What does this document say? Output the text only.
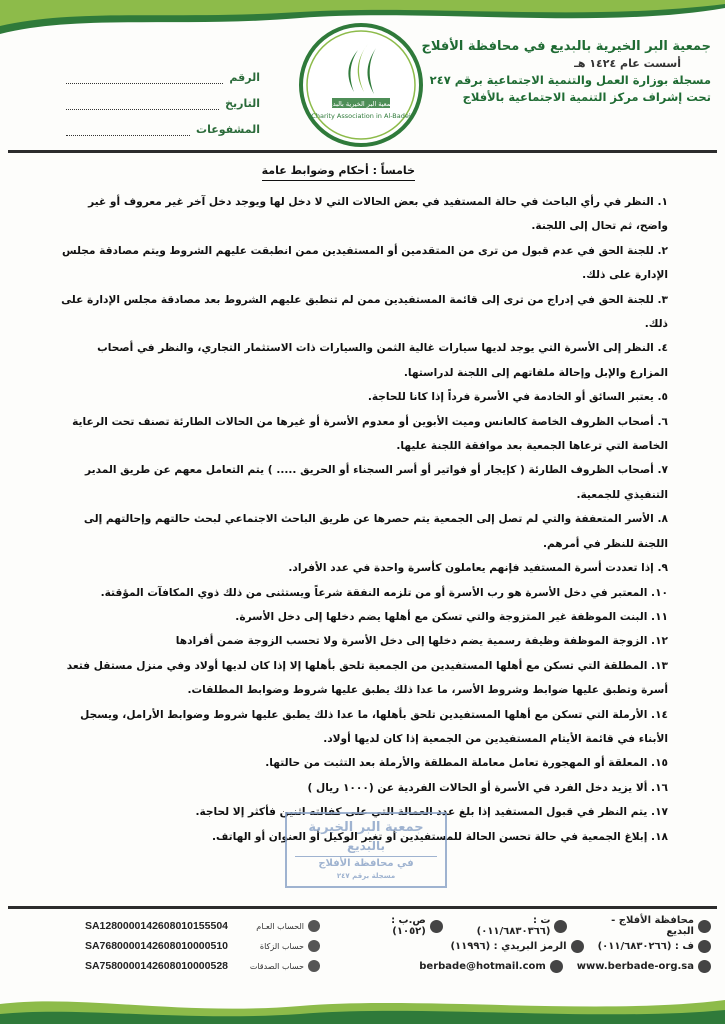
جمعية البر الخيرية بالبديع في محافظة الأفلاج
أسست عام ١٤٢٤ هـ
مسجلة بوزارة العمل والتنمية الاجتماعية برقم ٢٤٧
تحت إشراف مركز التنمية الاجتماعية بالأفلاج
جمعية البر الخيرية بالبديع
Charity Association in Al-Badei
الرقم
التاريخ
المشفوعات
خامساً : أحكام وضوابط عامة

١. النظر في رأي الباحث في حالة المستفيد في بعض الحالات التي لا دخل لها ويوجد دخل آخر غير معروف أو غير واضح، ثم تحال إلى اللجنة.

٢. للجنة الحق في عدم قبول من ترى من المتقدمين أو المستفيدين ممن انطبقت عليهم الشروط ويتم مصادقة مجلس الإدارة على ذلك.

٣. للجنة الحق في إدراج من ترى إلى قائمة المستفيدين ممن لم تنطبق عليهم الشروط بعد مصادقة مجلس الإدارة على ذلك.

٤. النظر إلى الأسرة التي يوجد لديها سيارات غالية الثمن والسيارات ذات الاستثمار التجاري، والنظر في أصحاب المزارع والإبل وإحالة ملفاتهم إلى اللجنة لدراستها.

٥. يعتبر السائق أو الخادمة في الأسرة فرداً إذا كانا للحاجة.

٦. أصحاب الظروف الخاصة كالعانس وميت الأبوين أو معدوم الأسرة أو غيرها من الحالات الطارئة تصنف تحت الرعاية الخاصة التي ترعاها الجمعية بعد موافقة اللجنة عليها.

٧. أصحاب الظروف الطارئة ( كإيجار أو فواتير أو أسر السجناء أو الحريق ..... ) يتم التعامل معهم عن طريق المدير التنفيذي للجمعية.

٨. الأسر المتعففة والتي لم تصل إلى الجمعية يتم حصرها عن طريق الباحث الاجتماعي لبحث حالتهم وإحالتهم إلى اللجنة للنظر في أمرهم.

٩. إذا تعددت أسرة المستفيد فإنهم يعاملون كأسرة واحدة في عدد الأفراد.

١٠. المعتبر في دخل الأسرة هو رب الأسرة أو من تلزمه النفقة شرعاً ويستثنى من ذلك ذوي المكافآت المؤقتة.

١١. البنت الموظفة غير المتزوجة والتي تسكن مع أهلها يضم دخلها إلى دخل الأسرة.

١٢. الزوجة الموظفة وظيفة رسمية يضم دخلها إلى دخل الأسرة ولا تحسب الزوجة ضمن أفرادها

١٣. المطلقة التي تسكن مع أهلها المستفيدين من الجمعية تلحق بأهلها إلا إذا كان لديها أولاد وفي منزل مستقل فتعد أسرة وتطبق عليها ضوابط وشروط الأسر، ما عدا ذلك يطبق عليها شروط وضوابط المطلقات.

١٤. الأرملة التي تسكن مع أهلها المستفيدين تلحق بأهلها، ما عدا ذلك يطبق عليها شروط وضوابط الأرامل، ويسجل الأبناء في قائمة الأيتام المستفيدين من الجمعية إذا كان لديها أولاد.

١٥. المعلقة أو المهجورة تعامل معاملة المطلقة والأرملة بعد التثبت من حالتها.

١٦. ألا يزيد دخل الفرد في الأسرة أو الحالات الفردية عن (١٠٠٠ ريال )

١٧. يتم النظر في قبول المستفيد إذا بلغ عدد العمالة التي على كفالته اثنين فأكثر إلا لحاجة.

١٨. إبلاغ الجمعية في حالة تحسن الحالة للمستفيدين أو تغير الوكيل أو العنوان أو الهاتف.

جمعية البر الخيرية
بالبديع
في محافظة الأفلاج
مسجلة برقم ٢٤٧
SA1280000142608010155504	الحساب العـام
SA7680000142608010000510	حساب الزكاة
SA7580000142608010000528	حساب الصدقات
محافظة الأفلاج - البديع
ت : (٠١١/٦٨٣٠٣٦٦)
ص.ب : (١٠٥٢)
ف : (٠١١/٦٨٣٠٢٦٦)
الرمز البريدي : (١١٩٩٦)
www.berbade-org.sa
berbade@hotmail.com
